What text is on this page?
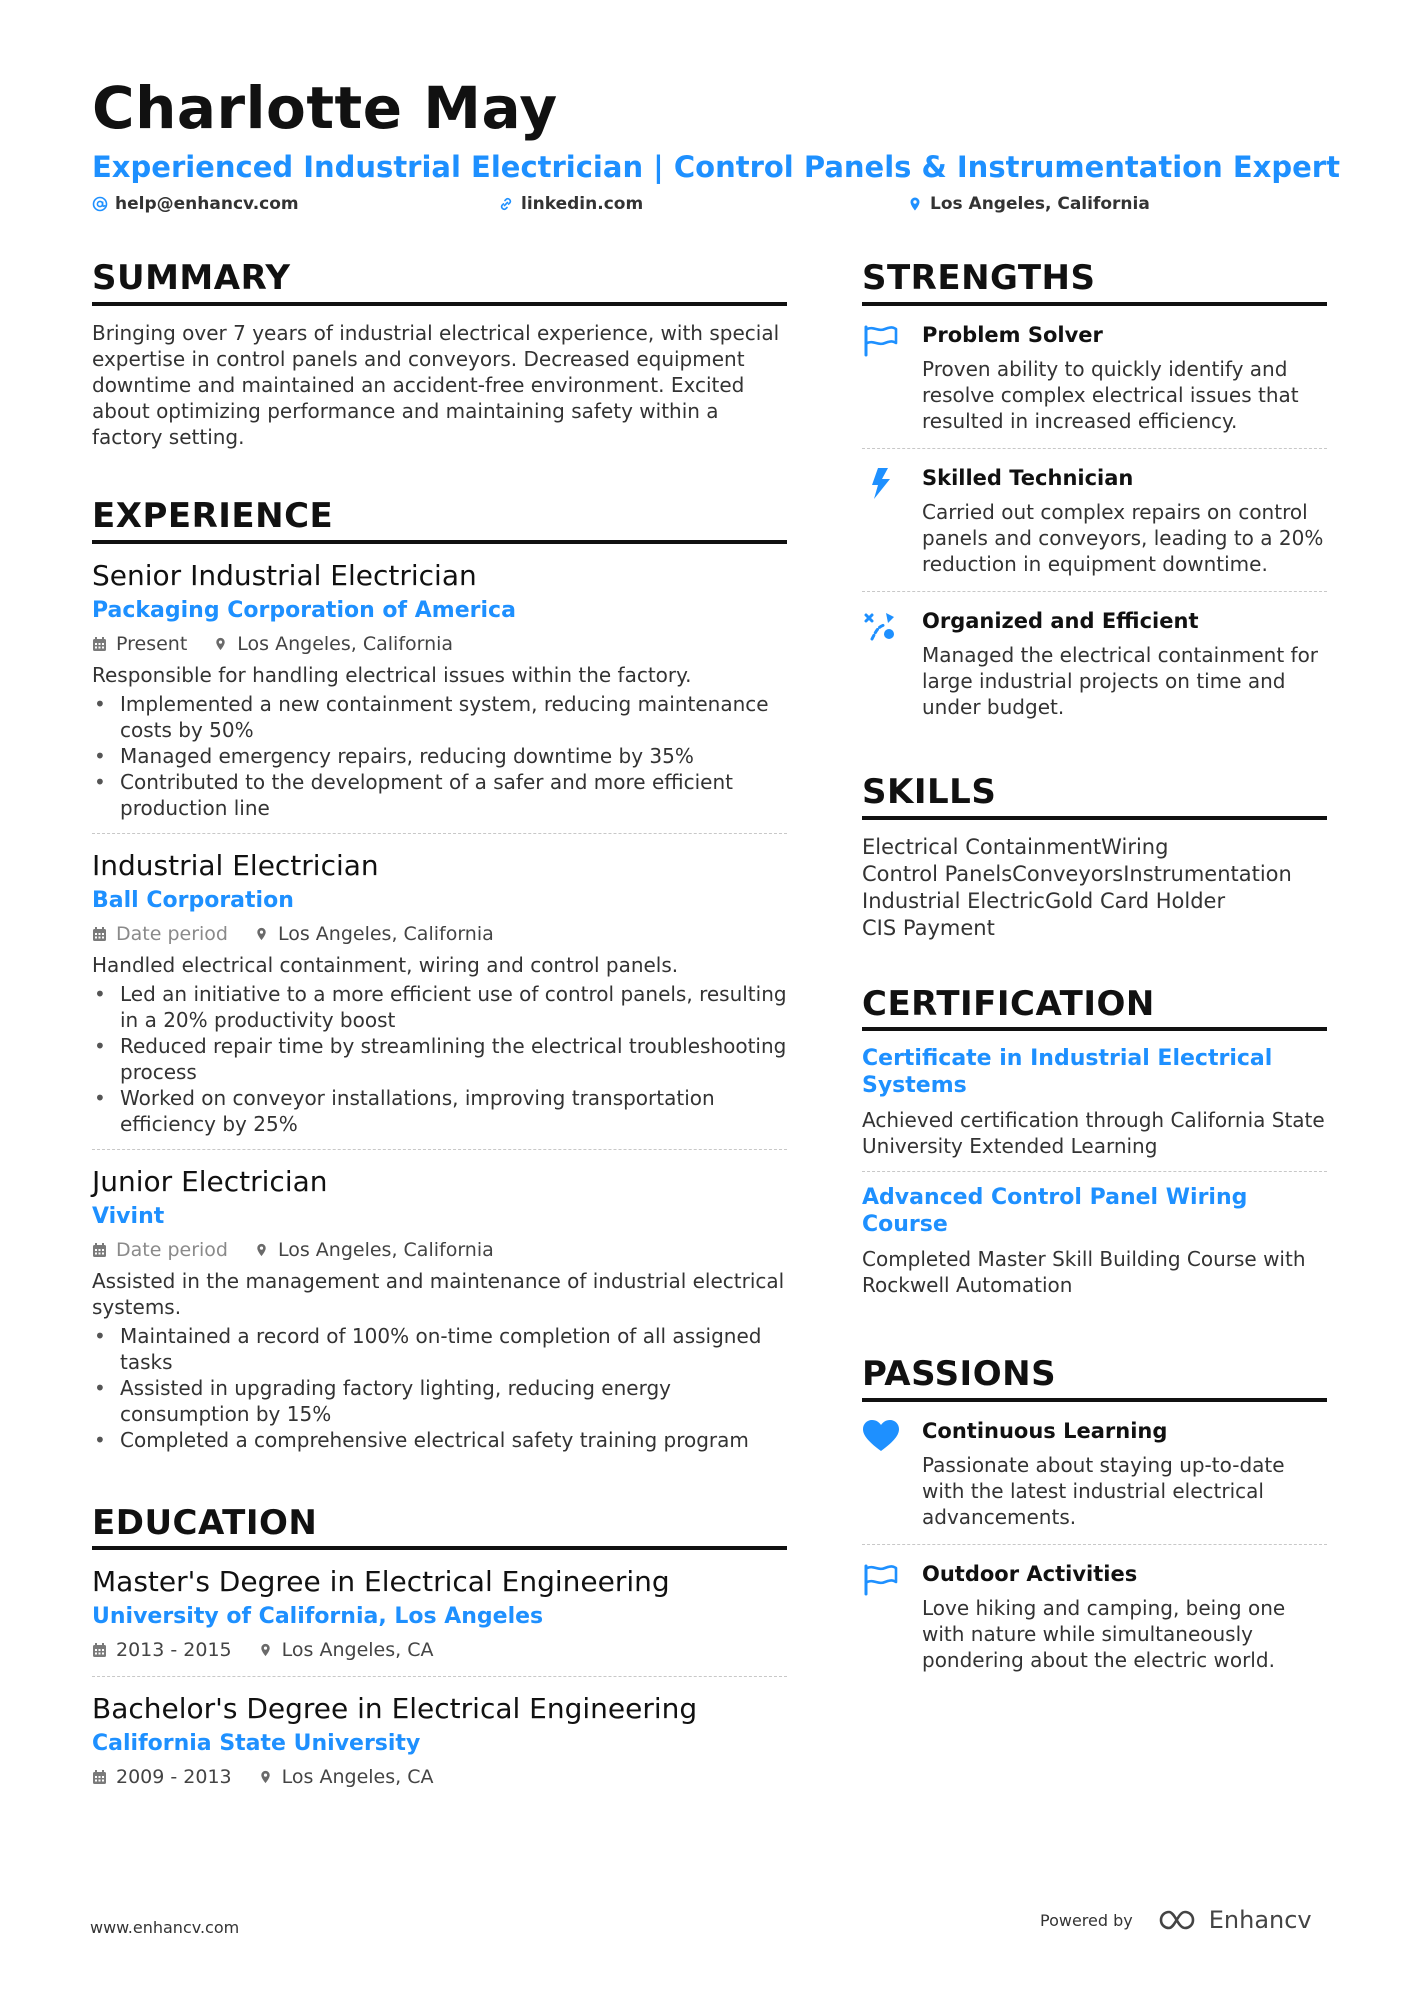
Charlotte May
Experienced Industrial Electrician | Control Panels & Instrumentation Expert
help@enhancv.com	linkedin.com	Los Angeles, California
SUMMARY
Bringing over 7 years of industrial electrical experience, with special expertise in control panels and conveyors. Decreased equipment downtime and maintained an accident-free environment. Excited about optimizing performance and maintaining safety within a factory setting.
EXPERIENCE
Senior Industrial Electrician
Packaging Corporation of America
Present	Los Angeles, California
Responsible for handling electrical issues within the factory.
• Implemented a new containment system, reducing maintenance costs by 50%
• Managed emergency repairs, reducing downtime by 35%
• Contributed to the development of a safer and more efficient production line
Industrial Electrician
Ball Corporation
Date period	Los Angeles, California
Handled electrical containment, wiring and control panels.
• Led an initiative to a more efficient use of control panels, resulting in a 20% productivity boost
• Reduced repair time by streamlining the electrical troubleshooting process
• Worked on conveyor installations, improving transportation efficiency by 25%
Junior Electrician
Vivint
Date period	Los Angeles, California
Assisted in the management and maintenance of industrial electrical systems.
• Maintained a record of 100% on-time completion of all assigned tasks
• Assisted in upgrading factory lighting, reducing energy consumption by 15%
• Completed a comprehensive electrical safety training program
EDUCATION
Master's Degree in Electrical Engineering
University of California, Los Angeles
2013 - 2015	Los Angeles, CA
Bachelor's Degree in Electrical Engineering
California State University
2009 - 2013	Los Angeles, CA
STRENGTHS
Problem Solver
Proven ability to quickly identify and resolve complex electrical issues that resulted in increased efficiency.
Skilled Technician
Carried out complex repairs on control panels and conveyors, leading to a 20% reduction in equipment downtime.
Organized and Efficient
Managed the electrical containment for large industrial projects on time and under budget.
SKILLS
Electrical ContainmentWiring
Control PanelsConveyorsInstrumentation
Industrial ElectricGold Card Holder
CIS Payment
CERTIFICATION
Certificate in Industrial Electrical Systems
Achieved certification through California State University Extended Learning
Advanced Control Panel Wiring Course
Completed Master Skill Building Course with Rockwell Automation
PASSIONS
Continuous Learning
Passionate about staying up-to-date with the latest industrial electrical advancements.
Outdoor Activities
Love hiking and camping, being one with nature while simultaneously pondering about the electric world.
www.enhancv.com	Powered by	Enhancv
